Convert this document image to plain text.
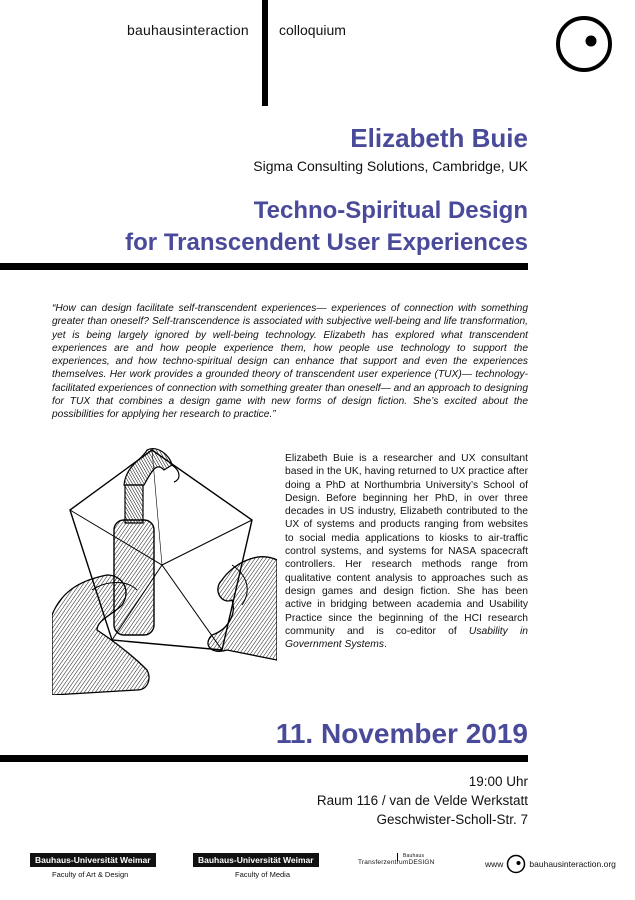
bauhausinteraction colloquium
Elizabeth Buie
Sigma Consulting Solutions, Cambridge, UK
Techno-Spiritual Design
for Transcendent User Experiences
“How can design facilitate self-transcendent experiences— experiences of connection with something greater than oneself? Self-transcendence is associated with subjective well-being and life transformation, yet is being largely ignored by well-being technology. Elizabeth has explored what transcendent experiences are and how people experience them, how people use technology to support the experiences, and how techno-spiritual design can enhance that support and even the experiences themselves. Her work provides a grounded theory of transcendent user experience (TUX)— technology-facilitated experiences of connection with something greater than oneself— and an approach to designing for TUX that combines a design game with new forms of design fiction. She’s excited about the possibilities for applying her research to practice.”
Elizabeth Buie is a researcher and UX consultant based in the UK, having returned to UX practice after doing a PhD at Northumbria University’s School of Design. Before beginning her PhD, in over three decades in US industry, Elizabeth contributed to the UX of systems and products ranging from websites to social media applications to kiosks to air-traffic control systems, and systems for NASA spacecraft controllers. Her research methods range from qualitative content analysis to approaches such as design games and design fiction. She has been active in bridging between academia and Usability Practice since the beginning of the HCI research community and is co-editor of Usability in Government Systems.
11. November 2019
19:00 Uhr
Raum 116 / van de Velde Werkstatt
Geschwister-Scholl-Str. 7
Bauhaus-Universität Weimar
Faculty of Art & Design
Bauhaus-Universität Weimar
Faculty of Media
Bauhaus
TransferzentrumDESIGN	www	bauhausinteraction.org
